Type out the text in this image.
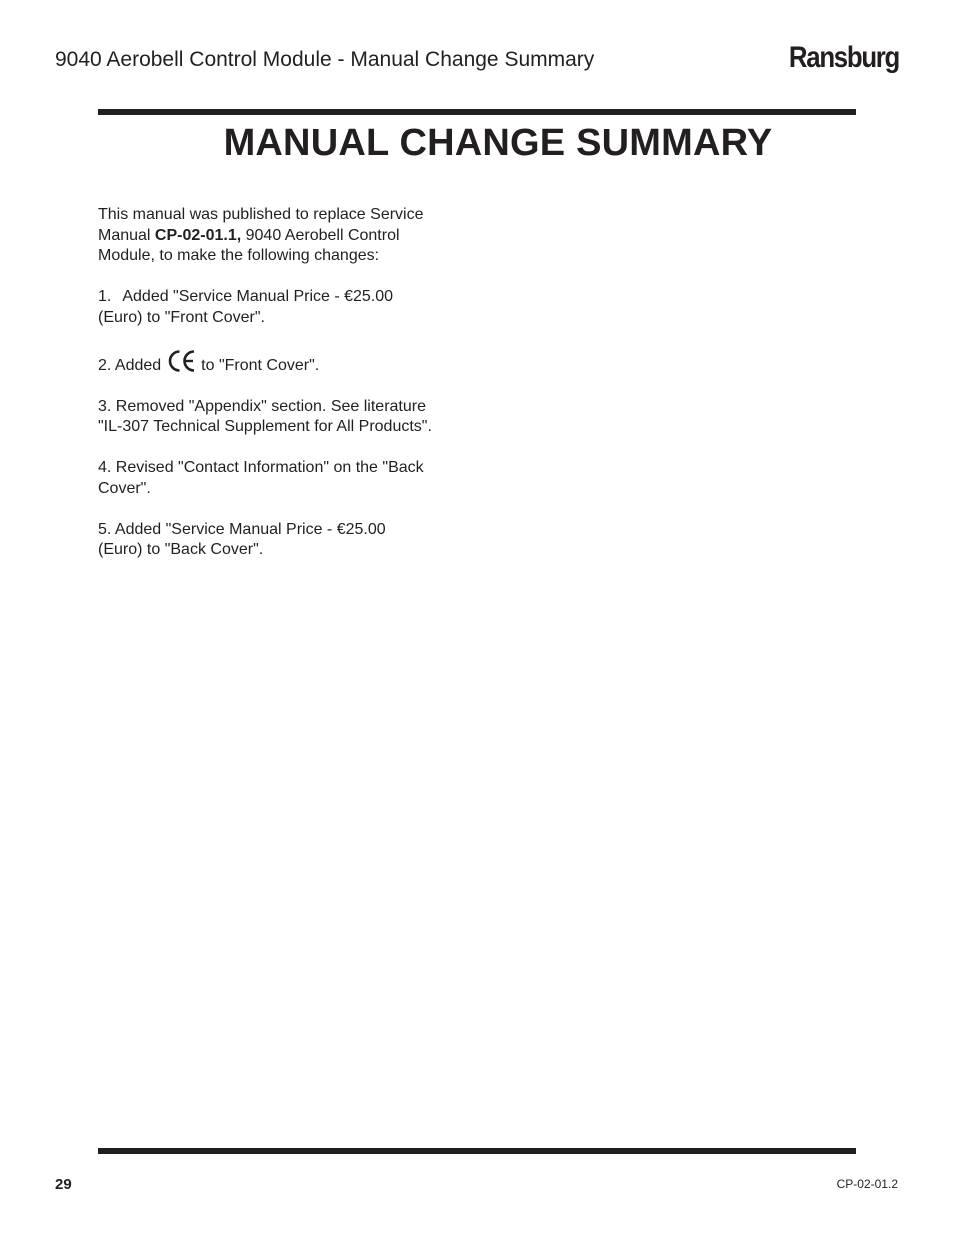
9040 Aerobell Control Module - Manual Change Summary	Ransburg
MANUAL CHANGE SUMMARY

This manual was published to replace Service
Manual CP-02-01.1, 9040 Aerobell Control
Module, to make the following changes:

1. Added "Service Manual Price - €25.00
(Euro) to "Front Cover".

2. Added	to "Front Cover".

3. Removed "Appendix" section. See literature
"IL-307 Technical Supplement for All Products".

4. Revised "Contact Information" on the "Back
Cover".

5. Added "Service Manual Price - €25.00
(Euro) to "Back Cover".

29	CP-02-01.2
